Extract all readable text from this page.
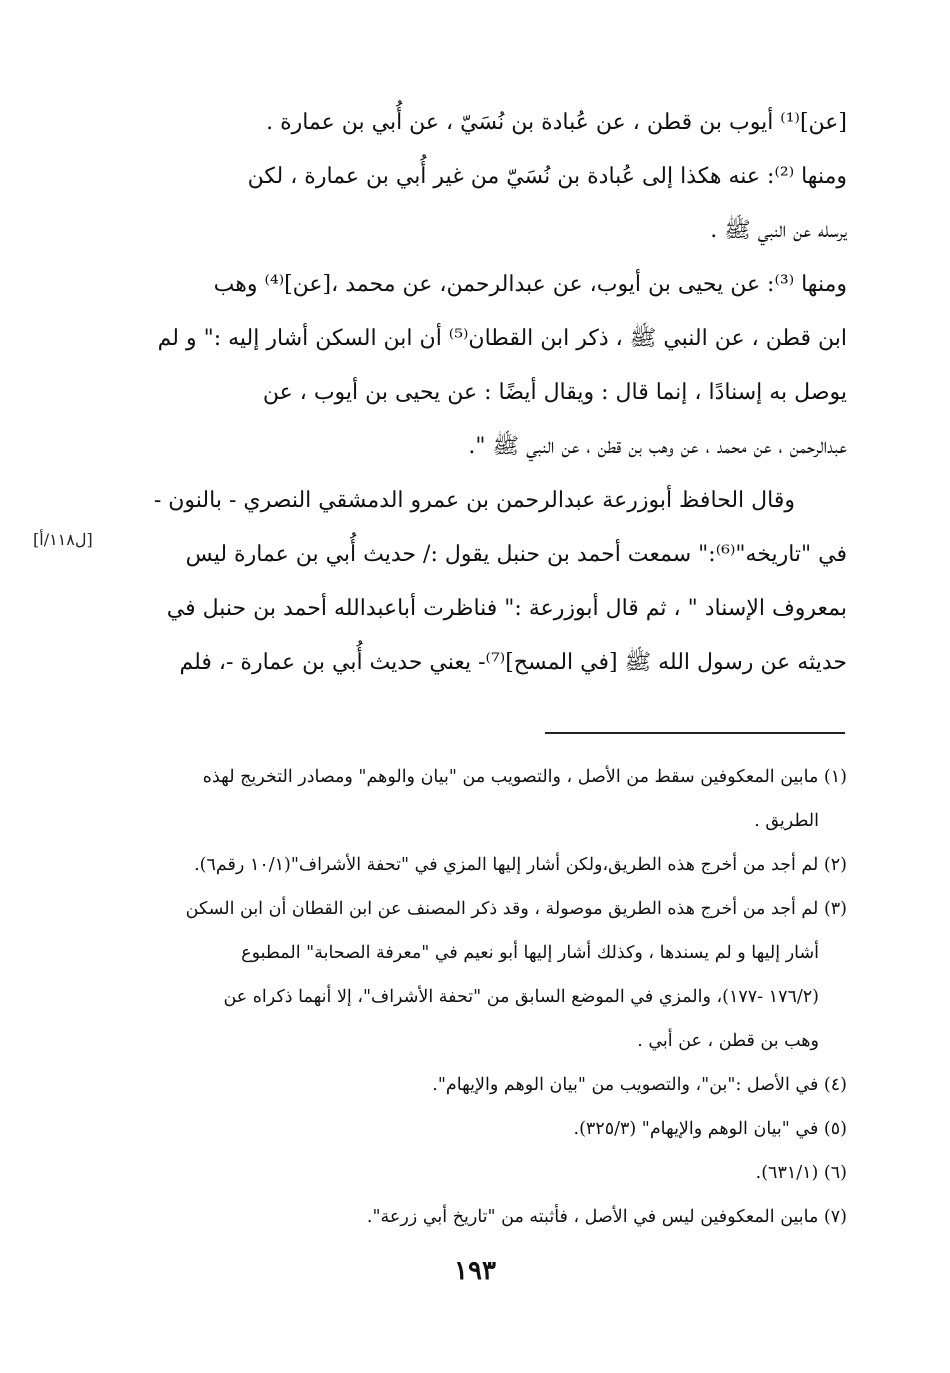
[عن]⁽¹⁾ أيوب بن قطن ، عن عُبادة بن نُسَيّ ، عن أُبي بن عمارة .
ومنها ⁽²⁾: عنه هكذا إلى عُبادة بن نُسَيّ من غير أُبي بن عمارة ، لكن
يرسله عن النبي ﷺ .
ومنها ⁽³⁾: عن يحيى بن أيوب، عن عبدالرحمن، عن محمد ،[عن]⁽⁴⁾ وهب
ابن قطن ، عن النبي ﷺ ، ذكر ابن القطان⁽⁵⁾ أن ابن السكن أشار إليه :" و لم
يوصل به إسنادًا ، إنما قال : ويقال أيضًا : عن يحيى بن أيوب ، عن
عبدالرحمن ، عن محمد ، عن وهب بن قطن ، عن النبي ﷺ ".
وقال الحافظ أبوزرعة عبدالرحمن بن عمرو الدمشقي النصري - بالنون -
في "تاريخه"⁽⁶⁾:" سمعت أحمد بن حنبل يقول :/ حديث أُبي بن عمارة ليس
بمعروف الإسناد " ، ثم قال أبوزرعة :" فناظرت أباعبدالله أحمد بن حنبل في
حديثه عن رسول الله ﷺ [في المسح]⁽⁷⁾- يعني حديث أُبي بن عمارة -، فلم
[ل١١٨/أ]
(١) مابين المعكوفين سقط من الأصل ، والتصويب من "بيان والوهم" ومصادر التخريج لهذه
الطريق .
(٢) لم أجد من أخرج هذه الطريق،ولكن أشار إليها المزي في "تحفة الأشراف"(١٠/١ رقم٦).
(٣) لم أجد من أخرج هذه الطريق موصولة ، وقد ذكر المصنف عن ابن القطان أن ابن السكن
أشار إليها و لم يسندها ، وكذلك أشار إليها أبو نعيم في "معرفة الصحابة" المطبوع
(١٧٦/٢ -١٧٧)، والمزي في الموضع السابق من "تحفة الأشراف"، إلا أنهما ذكراه عن
وهب بن قطن ، عن أبي .
(٤) في الأصل :"بن"، والتصويب من "بيان الوهم والإيهام".
(٥) في "بيان الوهم والإيهام" (٣٢٥/٣).
(٦) (٦٣١/١).
(٧) مابين المعكوفين ليس في الأصل ، فأثبته من "تاريخ أبي زرعة".
١٩٣
